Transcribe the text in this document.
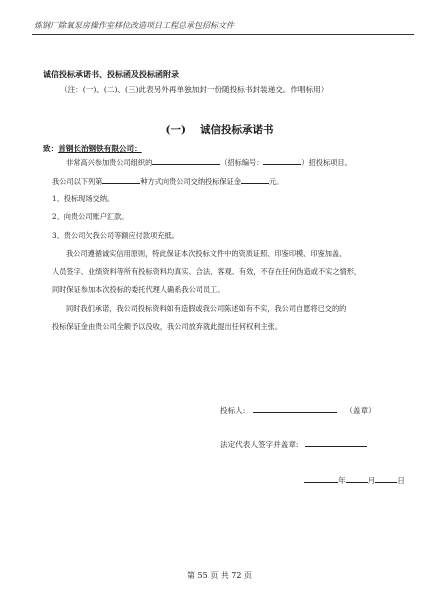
炼钢厂除氧泵房操作室移位改造项目工程总承包招标文件
诚信投标承诺书、投标函及投标函附录
（注：(一)、(二)、(三)此表另外再单独加封一份随投标书封装递交。作唱标用）
(一) 诚信投标承诺书
致：首钢长治钢铁有限公司：
非常高兴参加贵公司组织的	（招标编号：	）招投标项目。
我公司以下列第	种方式向贵公司交纳投标保证金	元。
1、投标现场交纳。
2、向贵公司账户汇款。
3、贵公司欠我公司等额应付款项充抵。
我公司遵循诚实信用原则，特此保证本次投标文件中的资质证照、印鉴印模、印鉴加盖、
人员签字、业绩资料等所有投标资料均真实、合法、客观、有效，不存在任何伪造或不实之情形，
同时保证参加本次投标的委托代理人确系我公司员工。
同时我们承诺，我公司投标资料如有造假或我公司陈述如有不实，我公司自愿将已交的的
投标保证金由贵公司全额予以没收，我公司放弃就此提出任何权利主张。
投标人:	（盖章）
法定代表人签字并盖章:
年	月	日
第 55 页 共 72 页
